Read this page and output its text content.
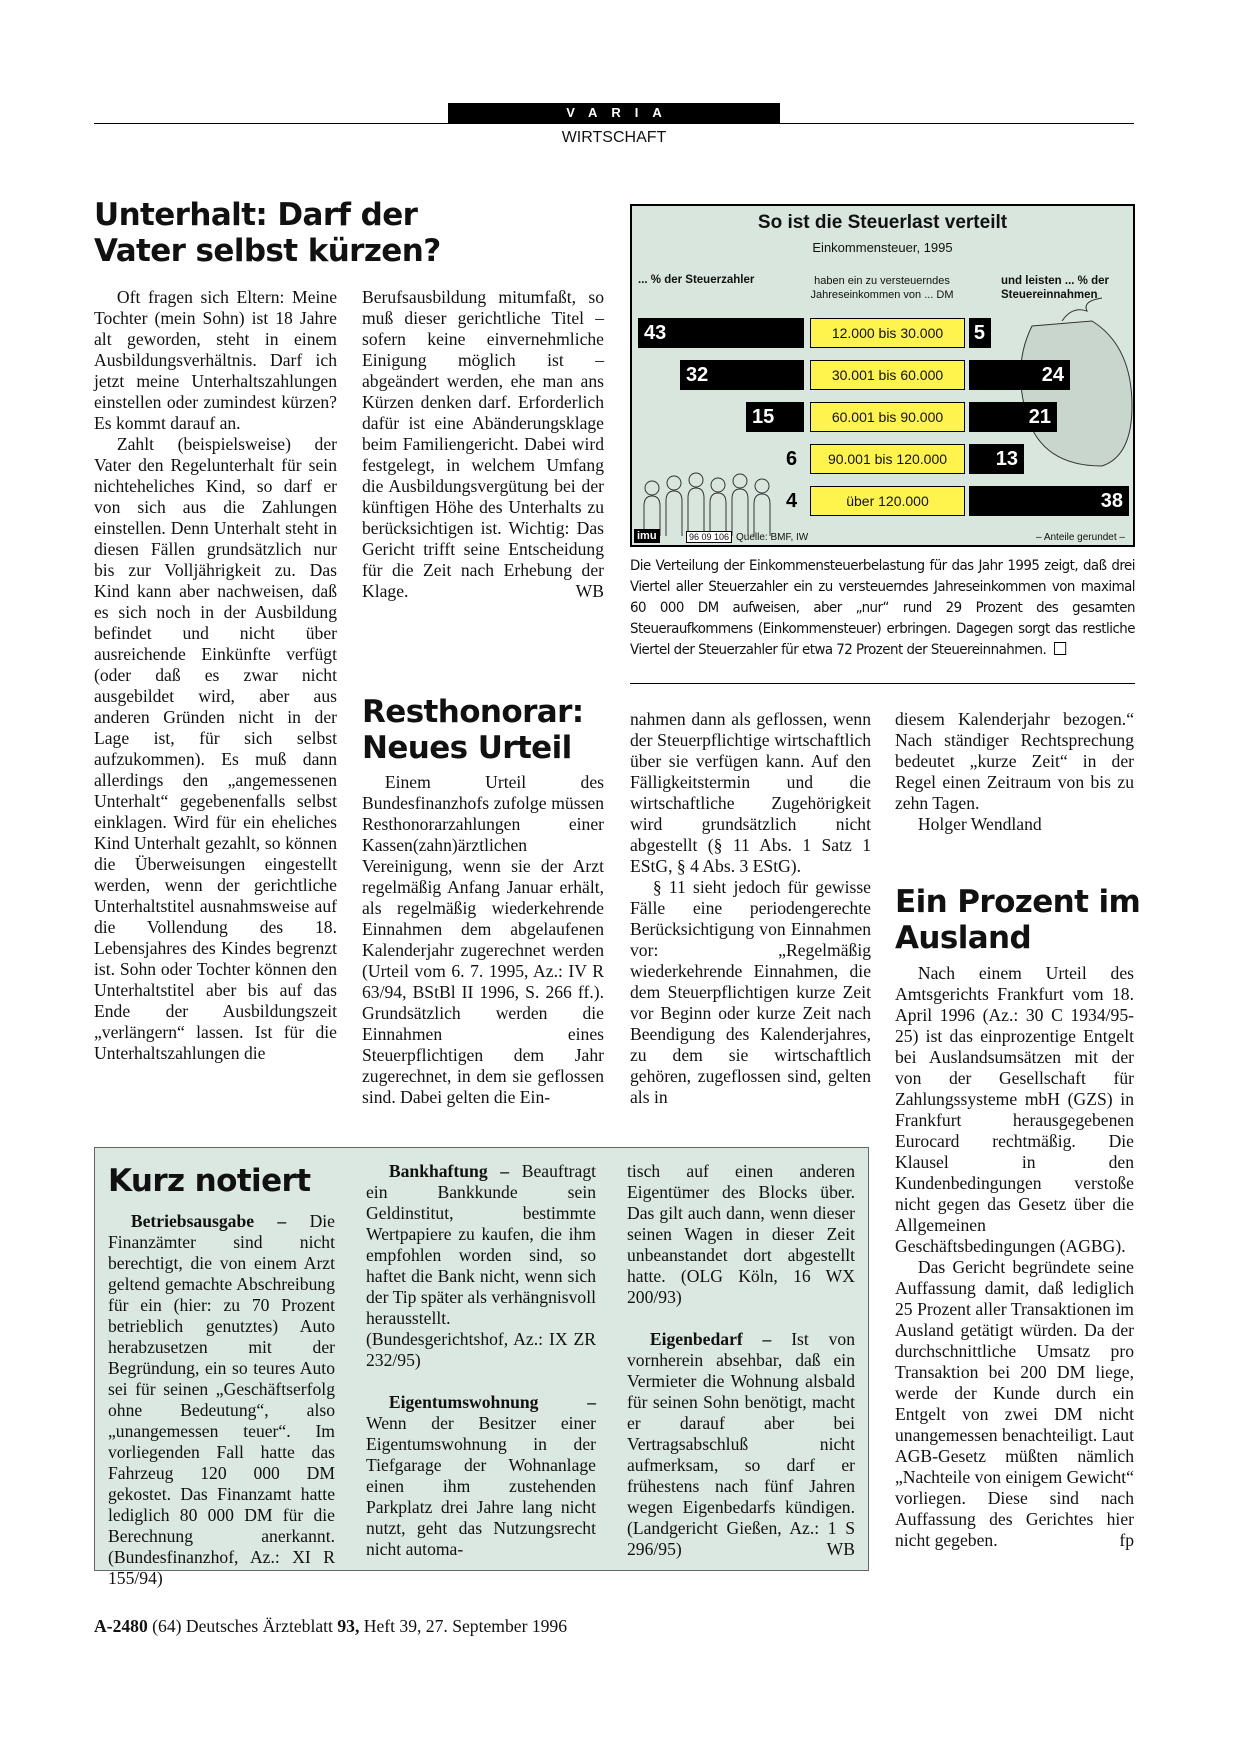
VARIA
WIRTSCHAFT
Unterhalt: Darf der
Vater selbst kürzen?

Oft fragen sich Eltern: Meine Tochter (mein Sohn) ist 18 Jahre alt geworden, steht in einem Ausbildungsverhältnis. Darf ich jetzt meine Unterhaltszahlungen einstellen oder zumindest kürzen? Es kommt darauf an.

Zahlt (beispielsweise) der Vater den Regelunterhalt für sein nichteheliches Kind, so darf er von sich aus die Zahlungen einstellen. Denn Unterhalt steht in diesen Fällen grundsätzlich nur bis zur Volljährigkeit zu. Das Kind kann aber nachweisen, daß es sich noch in der Ausbildung befindet und nicht über ausreichende Einkünfte verfügt (oder daß es zwar nicht ausgebildet wird, aber aus anderen Gründen nicht in der Lage ist, für sich selbst aufzukommen). Es muß dann allerdings den „angemessenen Unterhalt“ gegebenenfalls selbst einklagen. Wird für ein eheliches Kind Unterhalt gezahlt, so können die Überweisungen eingestellt werden, wenn der gerichtliche Unterhaltstitel ausnahmsweise auf die Vollendung des 18. Lebensjahres des Kindes begrenzt ist. Sohn oder Tochter können den Unterhaltstitel aber bis auf das Ende der Ausbildungszeit „verlängern“ lassen. Ist für die Unterhaltszahlungen die

Berufsausbildung mitumfaßt, so muß dieser gerichtliche Titel – sofern keine einvernehmliche Einigung möglich ist – abgeändert werden, ehe man ans Kürzen denken darf. Erforderlich dafür ist eine Abänderungsklage beim Familiengericht. Dabei wird festgelegt, in welchem Umfang die Ausbildungsvergütung bei der künftigen Höhe des Unterhalts zu berücksichtigen ist. Wichtig: Das Gericht trifft seine Entscheidung für die Zeit nach Erhebung der Klage.	WB

So ist die Steuerlast verteilt
Einkommensteuer, 1995
... % der Steuerzahler	haben ein zu versteuerndes Jahreseinkommen von ... DM
und leisten ... % der Steuereinnahmen
43	12.000 bis 30.000	5
32	30.001 bis 60.000	24
15	60.001 bis 90.000	21
6	90.001 bis 120.000	13
4	über 120.000	38
imu	96 09 106 Quelle: BMF, IW	– Anteile gerundet –
Die Verteilung der Einkommensteuerbelastung für das Jahr 1995 zeigt, daß drei Viertel aller Steuerzahler ein zu versteuerndes Jahreseinkommen von maximal 60 000 DM aufweisen, aber „nur“ rund 29 Prozent des gesamten Steueraufkommens (Einkommensteuer) erbringen. Dagegen sorgt das restliche Viertel der Steuerzahler für etwa 72 Prozent der Steuereinnahmen.
Resthonorar:
Neues Urteil

Einem Urteil des Bundesfinanzhofs zufolge müssen Resthonorarzahlungen einer Kassen(zahn)ärztlichen Vereinigung, wenn sie der Arzt regelmäßig Anfang Januar erhält, als regelmäßig wiederkehrende Einnahmen dem abgelaufenen Kalenderjahr zugerechnet werden (Urteil vom 6. 7. 1995, Az.: IV R 63/94, BStBl II 1996, S. 266 ff.). Grundsätzlich werden die Einnahmen eines Steuerpflichtigen dem Jahr zugerechnet, in dem sie geflossen sind. Dabei gelten die Ein-

nahmen dann als geflossen, wenn der Steuerpflichtige wirtschaftlich über sie verfügen kann. Auf den Fälligkeitstermin und die wirtschaftliche Zugehörigkeit wird grundsätzlich nicht abgestellt (§ 11 Abs. 1 Satz 1 EStG, § 4 Abs. 3 EStG).

§ 11 sieht jedoch für gewisse Fälle eine periodengerechte Berücksichtigung von Einnahmen vor: „Regelmäßig wiederkehrende Einnahmen, die dem Steuerpflichtigen kurze Zeit vor Beginn oder kurze Zeit nach Beendigung des Kalenderjahres, zu dem sie wirtschaftlich gehören, zugeflossen sind, gelten als in

diesem Kalenderjahr bezogen.“ Nach ständiger Rechtsprechung bedeutet „kurze Zeit“ in der Regel einen Zeitraum von bis zu zehn Tagen.

Holger Wendland

Ein Prozent im
Ausland

Nach einem Urteil des Amtsgerichts Frankfurt vom 18. April 1996 (Az.: 30 C 1934/95-25) ist das einprozentige Entgelt bei Auslandsumsätzen mit der von der Gesellschaft für Zahlungssysteme mbH (GZS) in Frankfurt herausgegebenen Eurocard rechtmäßig. Die Klausel in den Kundenbedingungen verstoße nicht gegen das Gesetz über die Allgemeinen Geschäftsbedingungen (AGBG).

Das Gericht begründete seine Auffassung damit, daß lediglich 25 Prozent aller Transaktionen im Ausland getätigt würden. Da der durchschnittliche Umsatz pro Transaktion bei 200 DM liege, werde der Kunde durch ein Entgelt von zwei DM nicht unangemessen benachteiligt. Laut AGB-Gesetz müßten nämlich „Nachteile von einigem Gewicht“ vorliegen. Diese sind nach Auffassung des Gerichtes hier nicht gegeben.	fp

Kurz notiert

Betriebsausgabe – Die Finanzämter sind nicht berechtigt, die von einem Arzt geltend gemachte Abschreibung für ein (hier: zu 70 Prozent betrieblich genutztes) Auto herabzusetzen mit der Begründung, ein so teures Auto sei für seinen „Geschäftserfolg ohne Bedeutung“, also „unangemessen teuer“. Im vorliegenden Fall hatte das Fahrzeug 120 000 DM gekostet. Das Finanzamt hatte lediglich 80 000 DM für die Berechnung anerkannt. (Bundesfinanzhof, Az.: XI R 155/94)

Bankhaftung – Beauftragt ein Bankkunde sein Geldinstitut, bestimmte Wertpapiere zu kaufen, die ihm empfohlen worden sind, so haftet die Bank nicht, wenn sich der Tip später als verhängnisvoll herausstellt. (Bundesgerichtshof, Az.: IX ZR 232/95)

Eigentumswohnung – Wenn der Besitzer einer Eigentumswohnung in der Tiefgarage der Wohnanlage einen ihm zustehenden Parkplatz drei Jahre lang nicht nutzt, geht das Nutzungsrecht nicht automa-

tisch auf einen anderen Eigentümer des Blocks über. Das gilt auch dann, wenn dieser seinen Wagen in dieser Zeit unbeanstandet dort abgestellt hatte. (OLG Köln, 16 WX 200/93)

Eigenbedarf – Ist von vornherein absehbar, daß ein Vermieter die Wohnung alsbald für seinen Sohn benötigt, macht er darauf aber bei Vertragsabschluß nicht aufmerksam, so darf er frühestens nach fünf Jahren wegen Eigenbedarfs kündigen. (Landgericht Gießen, Az.: 1 S 296/95)	WB

A-2480 (64) Deutsches Ärzteblatt 93, Heft 39, 27. September 1996
